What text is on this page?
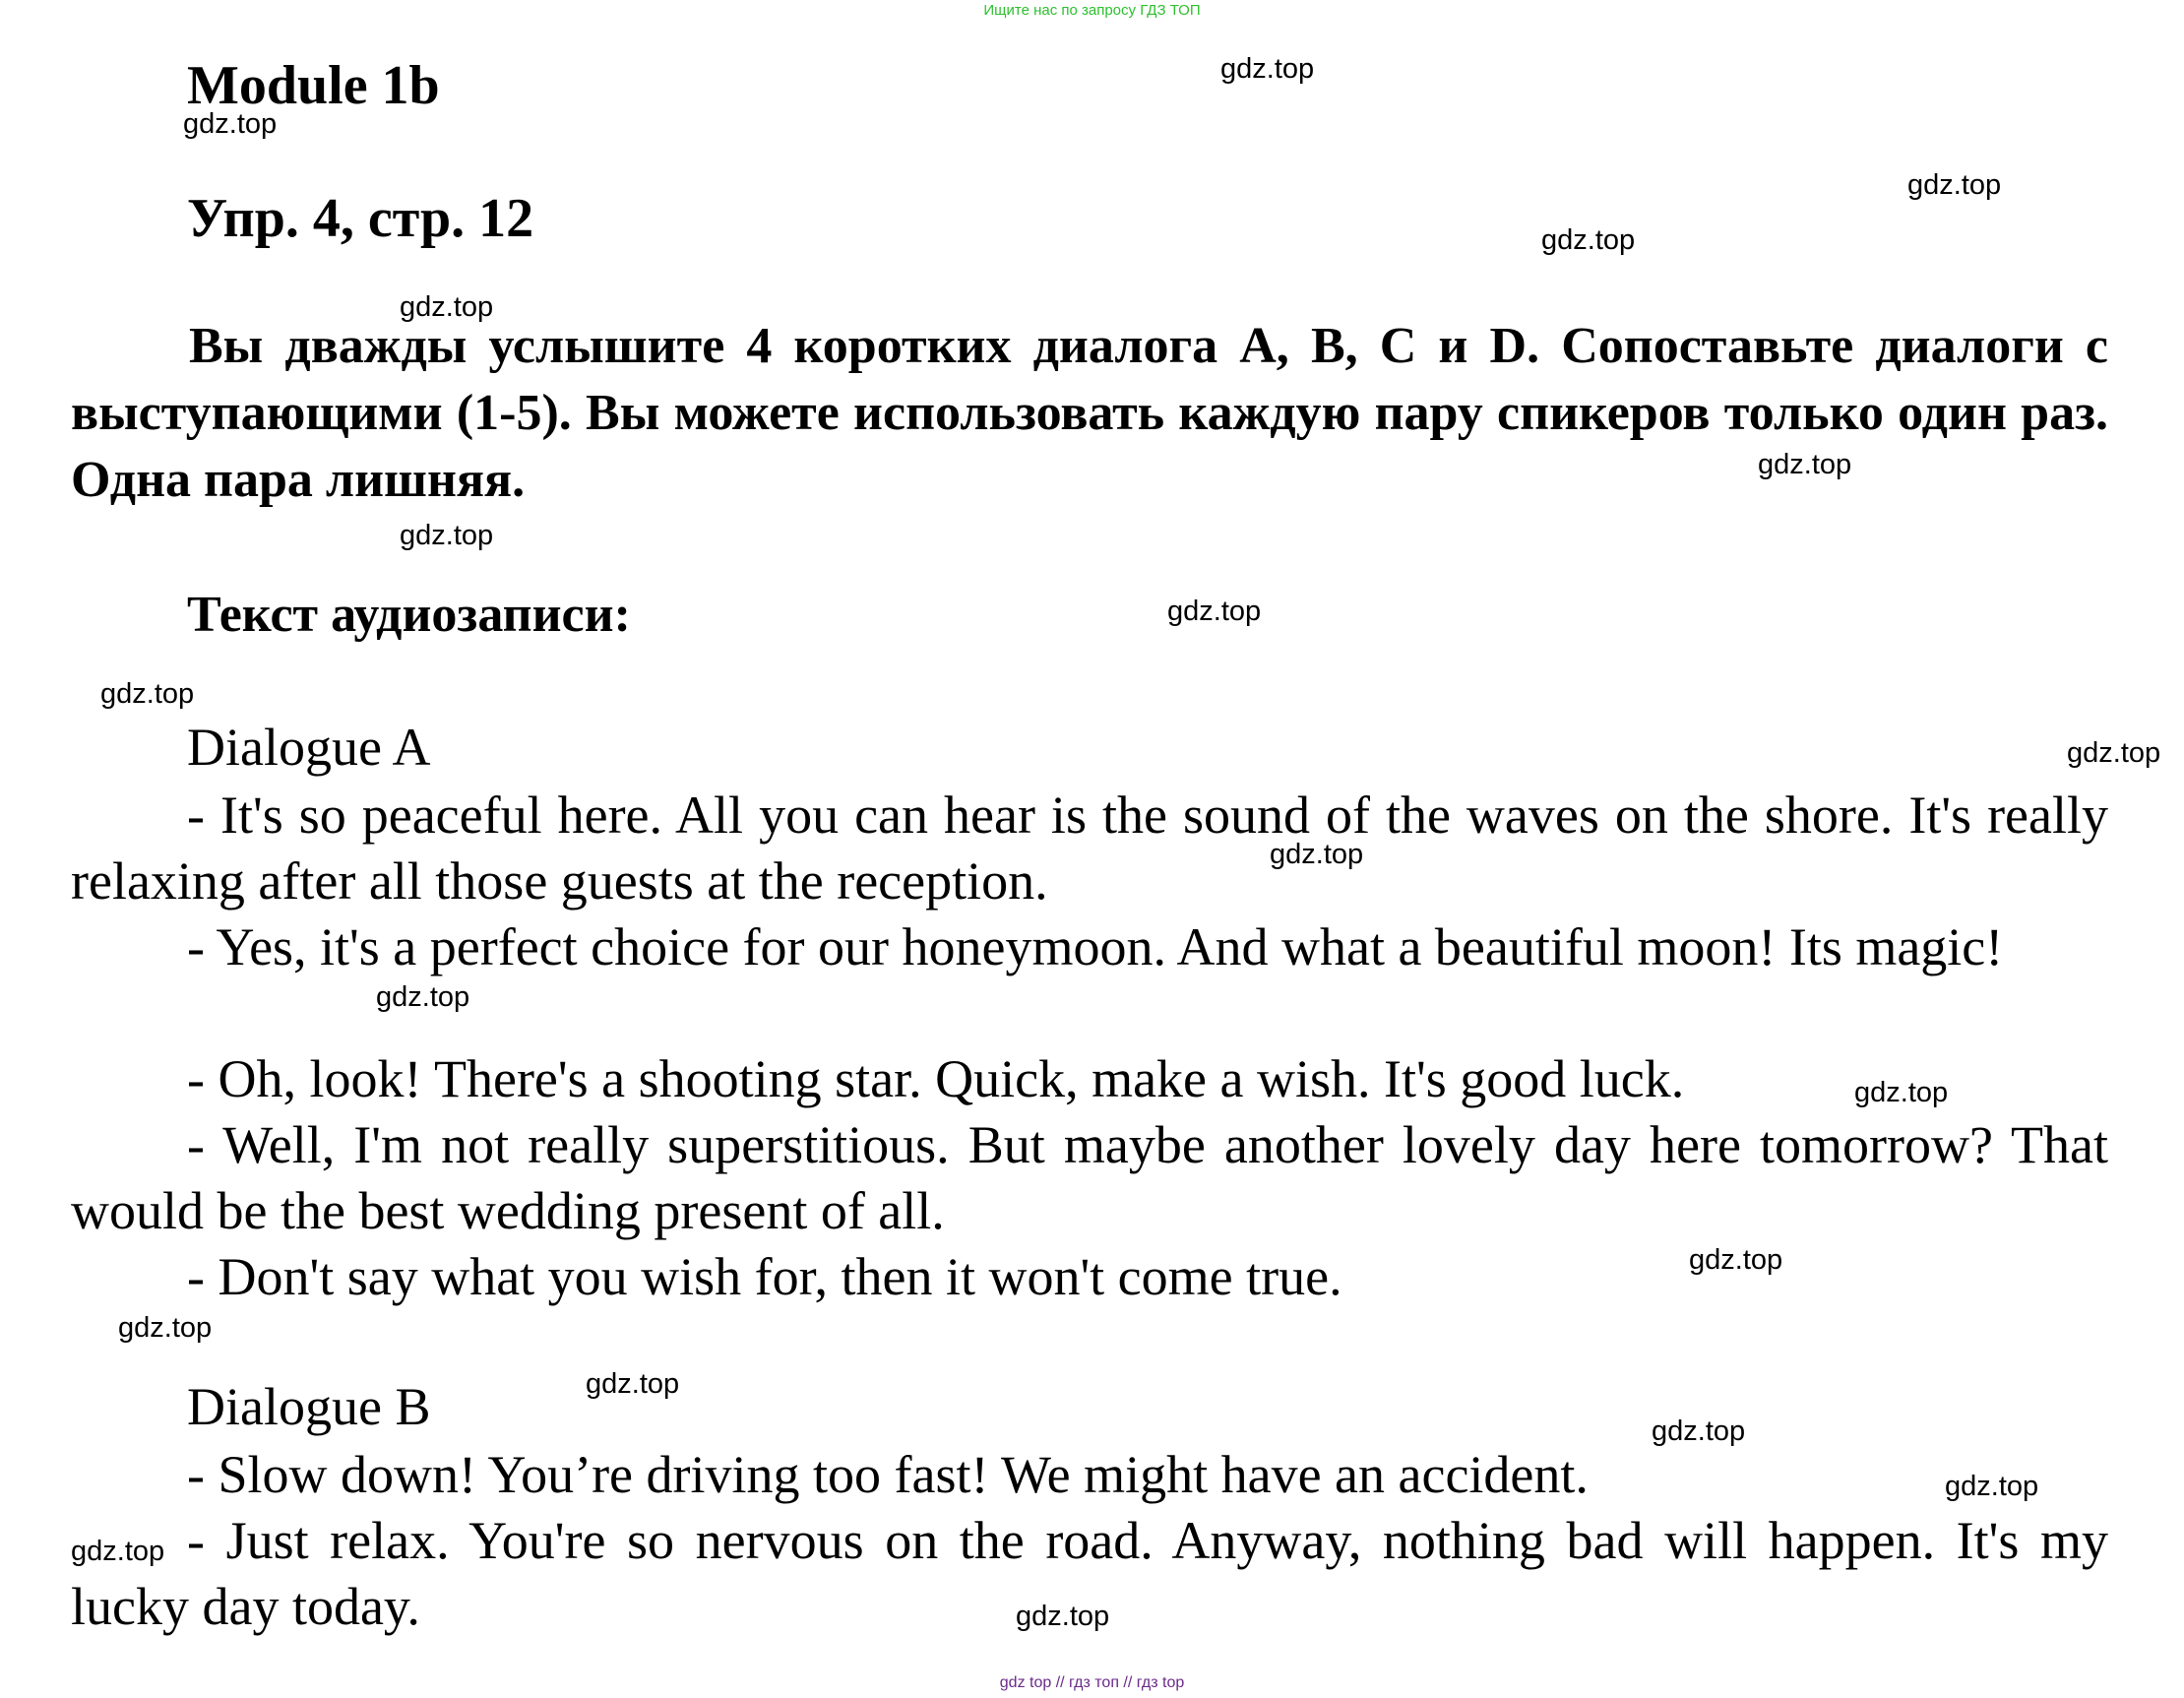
Ищите нас по запросу ГДЗ ТОП
Module 1b
Упр. 4, стр. 12
Вы дважды услышите 4 коротких диалога A, B, C и D. Сопоставьте диалоги с выступающими (1-5). Вы можете использовать каждую пару спикеров только один раз. Одна пара лишняя.
Текст аудиозаписи:
Dialogue A
- It's so peaceful here. All you can hear is the sound of the waves on the shore. It's really relaxing after all those guests at the reception.
- Yes, it's a perfect choice for our honeymoon. And what a beautiful moon! Its magic!
- Oh, look! There's a shooting star. Quick, make a wish. It's good luck.
- Well, I'm not really superstitious. But maybe another lovely day here tomorrow? That would be the best wedding present of all.
- Don't say what you wish for, then it won't come true.
Dialogue B
- Slow down! You’re driving too fast! We might have an accident.
- Just relax. You're so nervous on the road. Anyway, nothing bad will happen. It's my lucky day today.
gdz.top
gdz.top
gdz.top
gdz.top
gdz.top
gdz.top
gdz.top
gdz.top
gdz.top
gdz.top
gdz.top
gdz.top
gdz.top
gdz.top
gdz.top
gdz.top
gdz.top
gdz.top
gdz.top
gdz.top
gdz top // гдз топ // гдз top
